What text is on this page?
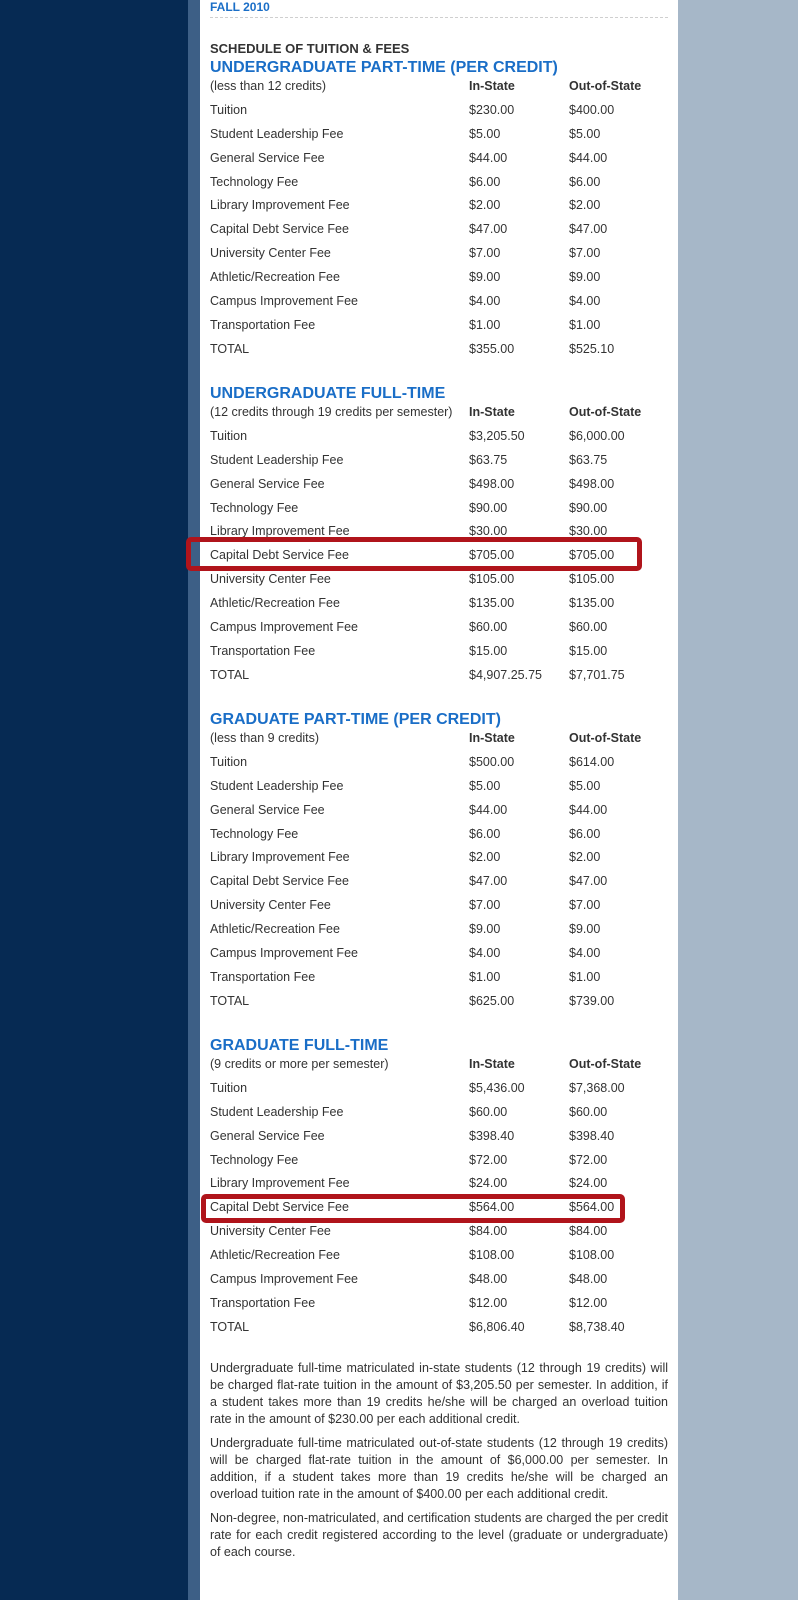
FALL 2010
SCHEDULE OF TUITION & FEES
UNDERGRADUATE PART-TIME (PER CREDIT)
(less than 12 credits)	In-State	Out-of-State
Tuition	$230.00	$400.00
Student Leadership Fee	$5.00	$5.00
General Service Fee	$44.00	$44.00
Technology Fee	$6.00	$6.00
Library Improvement Fee	$2.00	$2.00
Capital Debt Service Fee	$47.00	$47.00
University Center Fee	$7.00	$7.00
Athletic/Recreation Fee	$9.00	$9.00
Campus Improvement Fee	$4.00	$4.00
Transportation Fee	$1.00	$1.00
TOTAL	$355.00	$525.10
UNDERGRADUATE FULL-TIME
(12 credits through 19 credits per semester) In-State	Out-of-State
Tuition	$3,205.50	$6,000.00
Student Leadership Fee	$63.75	$63.75
General Service Fee	$498.00	$498.00
Technology Fee	$90.00	$90.00
Library Improvement Fee	$30.00	$30.00
Capital Debt Service Fee	$705.00	$705.00
University Center Fee	$105.00	$105.00
Athletic/Recreation Fee	$135.00	$135.00
Campus Improvement Fee	$60.00	$60.00
Transportation Fee	$15.00	$15.00
TOTAL	$4,907.25.75 $7,701.75
GRADUATE PART-TIME (PER CREDIT)
(less than 9 credits)	In-State	Out-of-State
Tuition	$500.00	$614.00
Student Leadership Fee	$5.00	$5.00
General Service Fee	$44.00	$44.00
Technology Fee	$6.00	$6.00
Library Improvement Fee	$2.00	$2.00
Capital Debt Service Fee	$47.00	$47.00
University Center Fee	$7.00	$7.00
Athletic/Recreation Fee	$9.00	$9.00
Campus Improvement Fee	$4.00	$4.00
Transportation Fee	$1.00	$1.00
TOTAL	$625.00	$739.00
GRADUATE FULL-TIME
(9 credits or more per semester)	In-State	Out-of-State
Tuition	$5,436.00	$7,368.00
Student Leadership Fee	$60.00	$60.00
General Service Fee	$398.40	$398.40
Technology Fee	$72.00	$72.00
Library Improvement Fee	$24.00	$24.00
Capital Debt Service Fee	$564.00	$564.00
University Center Fee	$84.00	$84.00
Athletic/Recreation Fee	$108.00	$108.00
Campus Improvement Fee	$48.00	$48.00
Transportation Fee	$12.00	$12.00
TOTAL	$6,806.40	$8,738.40

Undergraduate full-time matriculated in-state students (12 through 19 credits) will be charged flat-rate tuition in the amount of $3,205.50 per semester. In addition, if a student takes more than 19 credits he/she will be charged an overload tuition rate in the amount of $230.00 per each additional credit.

Undergraduate full-time matriculated out-of-state students (12 through 19 credits) will be charged flat-rate tuition in the amount of $6,000.00 per semester. In addition, if a student takes more than 19 credits he/she will be charged an overload tuition rate in the amount of $400.00 per each additional credit.

Non-degree, non-matriculated, and certification students are charged the per credit rate for each credit registered according to the level (graduate or undergraduate) of each course.
